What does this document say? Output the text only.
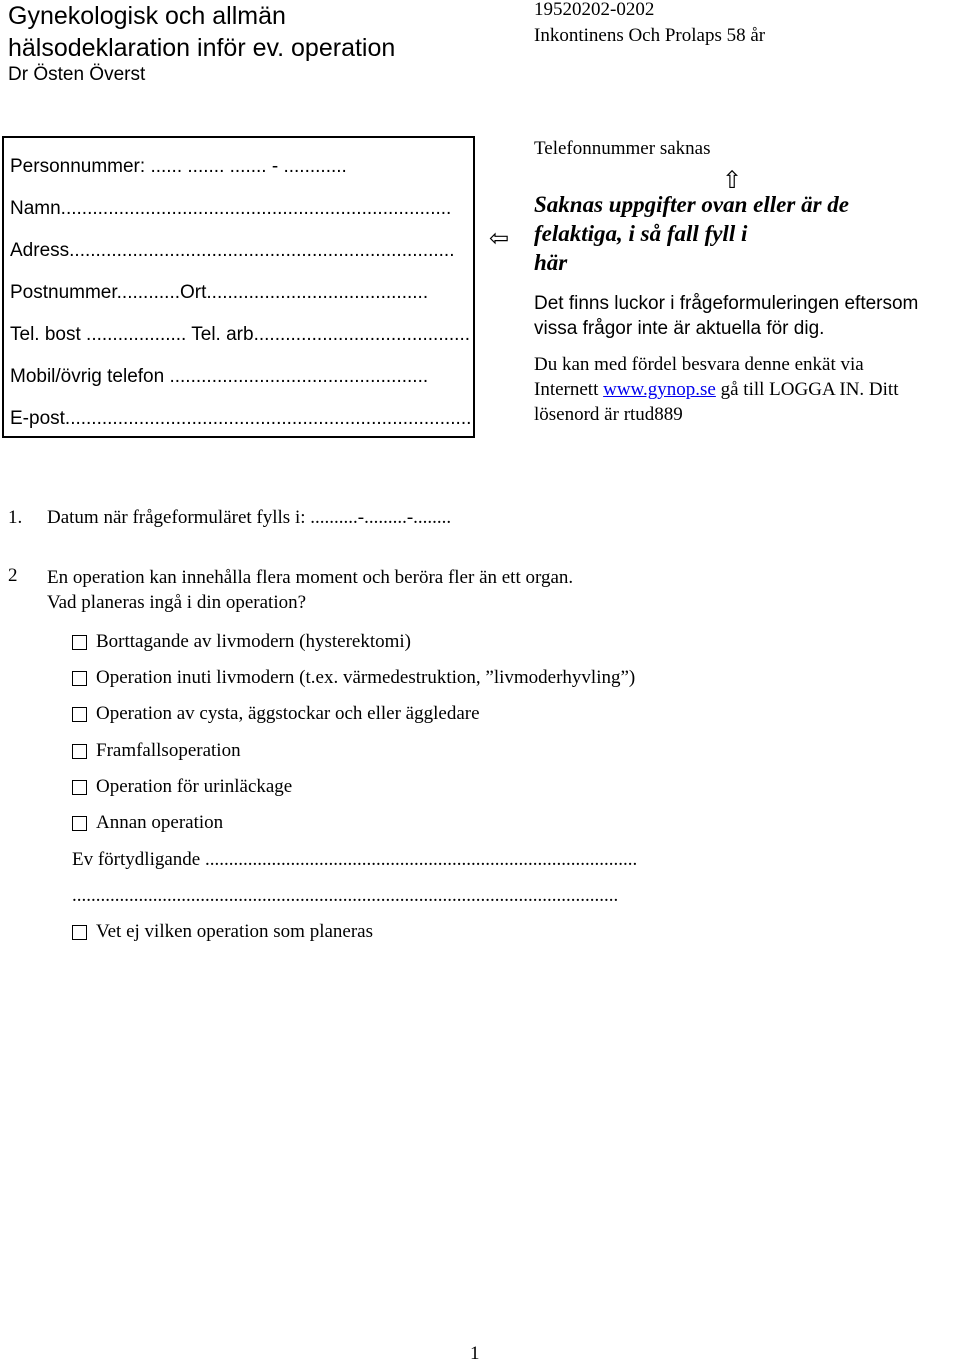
Gynekologisk och allmän
hälsodeklaration inför ev. operation
Dr Östen Överst
19520202-0202
Inkontinens Och Prolaps 58 år
Personnummer: ...... ....... ....... - ............
Namn..........................................................................
Adress.........................................................................
Postnummer............Ort..........................................
Tel. bost ................... Tel. arb.........................................
Mobil/övrig telefon .................................................
E-post..............................................................................
⇦
⇧
Telefonnummer saknas
Saknas uppgifter ovan eller är de
felaktiga, i så fall fyll i
här
Det finns luckor i frågeformuleringen eftersom
vissa frågor inte är aktuella för dig.
Du kan med fördel besvara denne enkät via
Internett www.gynop.se gå till LOGGA IN. Ditt
lösenord är rtud889
1. Datum när frågeformuläret fylls i: ..........-.........-........
2 En operation kan innehålla flera moment och beröra fler än ett organ.
Vad planeras ingå i din operation?
Borttagande av livmodern (hysterektomi)
Operation inuti livmodern (t.ex. värmedestruktion, ”livmoderhyvling”)
Operation av cysta, äggstockar och eller äggledare
Framfallsoperation
Operation för urinläckage
Annan operation
Ev förtydligande ...........................................................................................
...................................................................................................................
Vet ej vilken operation som planeras
1
